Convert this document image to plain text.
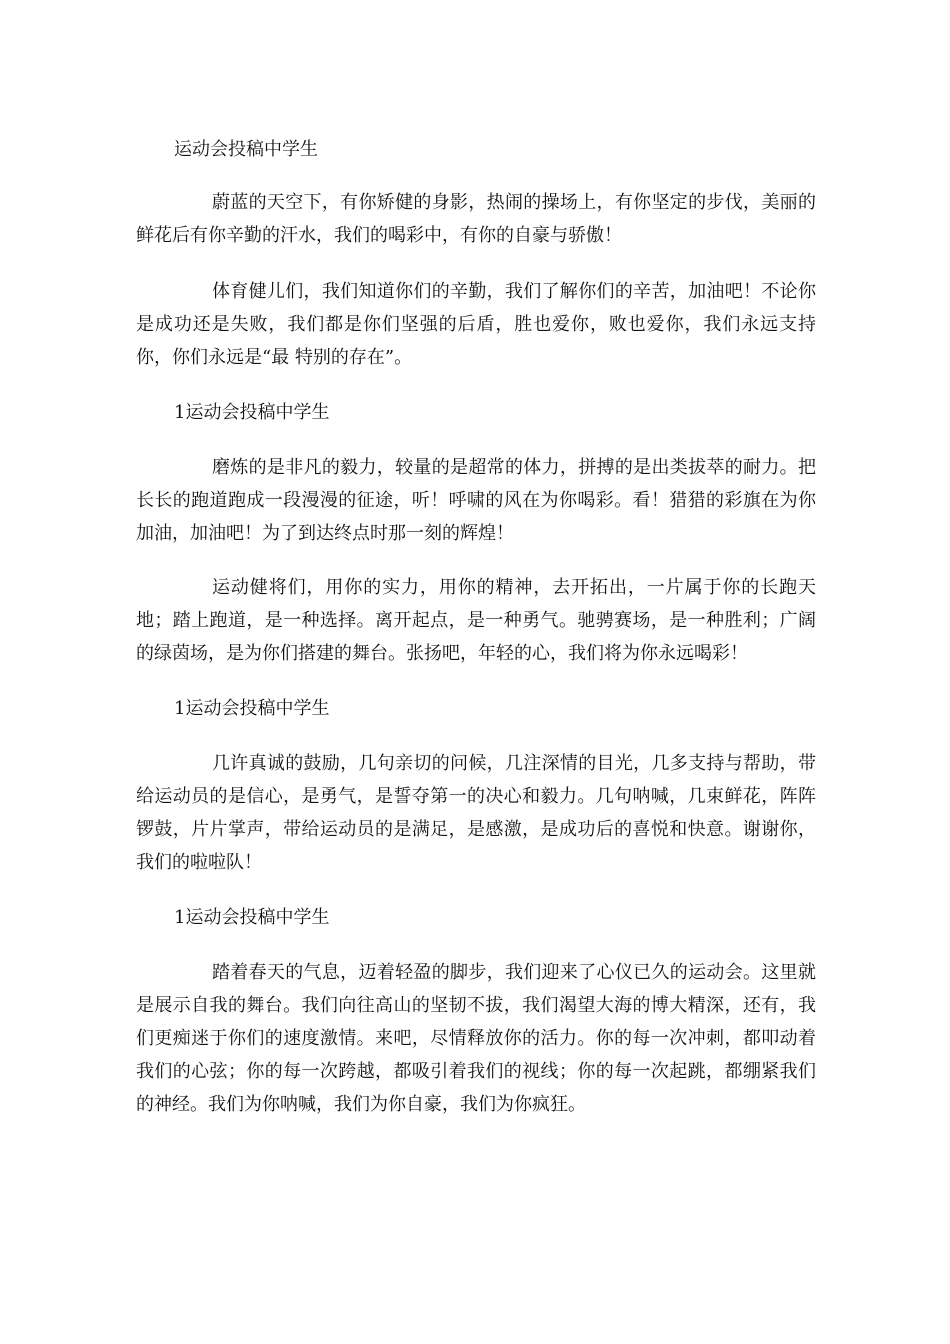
运动会投稿中学生

蔚蓝的天空下，有你矫健的身影，热闹的操场上，有你坚定的步伐，美丽的鲜花后有你辛勤的汗水，我们的喝彩中，有你的自豪与骄傲！

体育健儿们，我们知道你们的辛勤，我们了解你们的辛苦，加油吧！不论你是成功还是失败，我们都是你们坚强的后盾，胜也爱你，败也爱你，我们永远支持你，你们永远是“最 特别的存在”。

1运动会投稿中学生

磨炼的是非凡的毅力，较量的是超常的体力，拼搏的是出类拔萃的耐力。把长长的跑道跑成一段漫漫的征途，听！呼啸的风在为你喝彩。看！猎猎的彩旗在为你加油，加油吧！为了到达终点时那一刻的辉煌！

运动健将们，用你的实力，用你的精神，去开拓出，一片属于你的长跑天地；踏上跑道，是一种选择。离开起点，是一种勇气。驰骋赛场，是一种胜利；广阔的绿茵场，是为你们搭建的舞台。张扬吧，年轻的心，我们将为你永远喝彩！

1运动会投稿中学生

几许真诚的鼓励，几句亲切的问候，几注深情的目光，几多支持与帮助，带给运动员的是信心，是勇气，是誓夺第一的决心和毅力。几句呐喊，几束鲜花，阵阵锣鼓，片片掌声，带给运动员的是满足，是感激，是成功后的喜悦和快意。谢谢你，我们的啦啦队！

1运动会投稿中学生

踏着春天的气息，迈着轻盈的脚步，我们迎来了心仪已久的运动会。这里就是展示自我的舞台。我们向往高山的坚韧不拔，我们渴望大海的博大精深，还有，我们更痴迷于你们的速度激情。来吧，尽情释放你的活力。你的每一次冲刺，都叩动着我们的心弦；你的每一次跨越，都吸引着我们的视线；你的每一次起跳，都绷紧我们的神经。我们为你呐喊，我们为你自豪，我们为你疯狂。
